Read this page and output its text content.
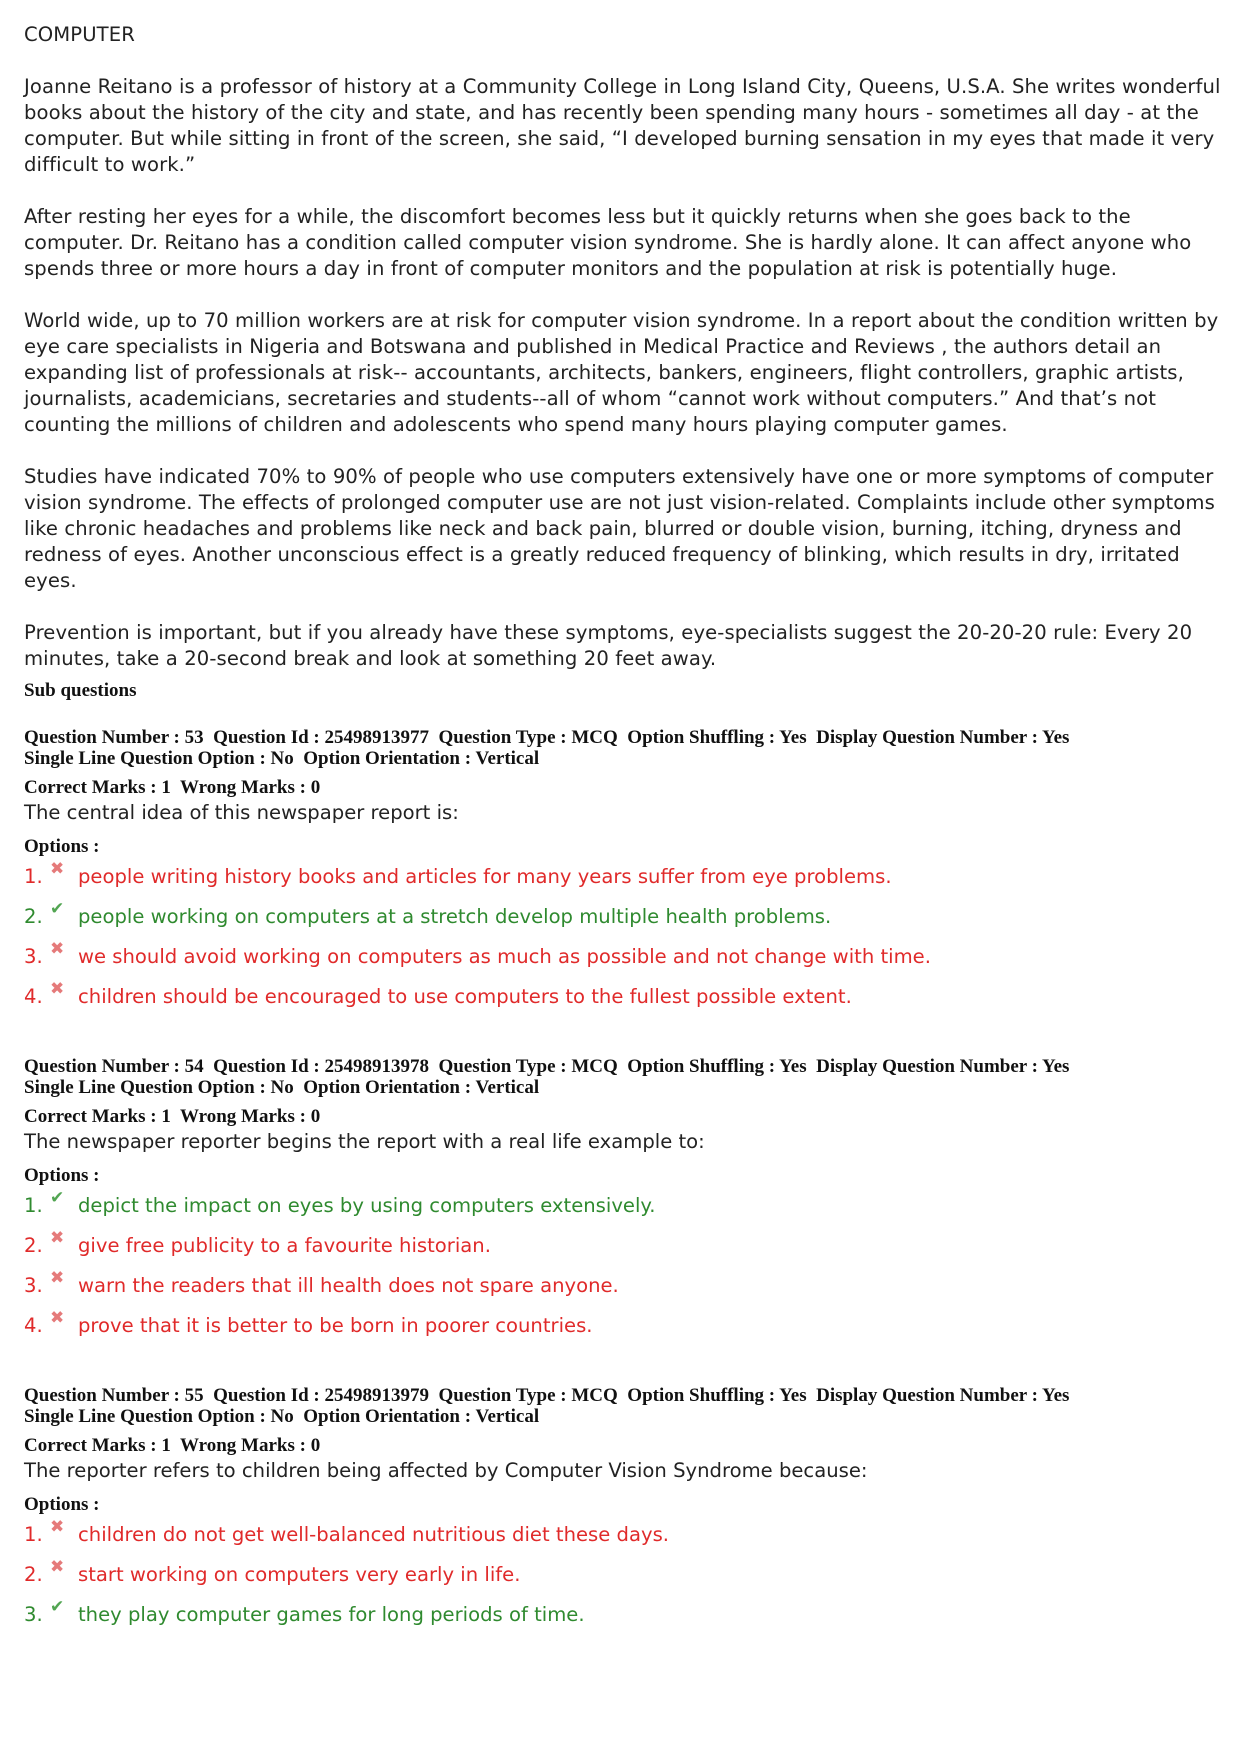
COMPUTER

Joanne Reitano is a professor of history at a Community College in Long Island City, Queens, U.S.A. She writes wonderful books about the history of the city and state, and has recently been spending many hours - sometimes all day - at the computer. But while sitting in front of the screen, she said, “I developed burning sensation in my eyes that made it very difficult to work.”

After resting her eyes for a while, the discomfort becomes less but it quickly returns when she goes back to the computer. Dr. Reitano has a condition called computer vision syndrome. She is hardly alone. It can affect anyone who spends three or more hours a day in front of computer monitors and the population at risk is potentially huge.

World wide, up to 70 million workers are at risk for computer vision syndrome. In a report about the condition written by eye care specialists in Nigeria and Botswana and published in Medical Practice and Reviews , the authors detail an expanding list of professionals at risk-- accountants, architects, bankers, engineers, flight controllers, graphic artists, journalists, academicians, secretaries and students--all of whom “cannot work without computers.” And that’s not counting the millions of children and adolescents who spend many hours playing computer games.

Studies have indicated 70% to 90% of people who use computers extensively have one or more symptoms of computer vision syndrome. The effects of prolonged computer use are not just vision-related. Complaints include other symptoms like chronic headaches and problems like neck and back pain, blurred or double vision, burning, itching, dryness and redness of eyes. Another unconscious effect is a greatly reduced frequency of blinking, which results in dry, irritated eyes.

Prevention is important, but if you already have these symptoms, eye-specialists suggest the 20-20-20 rule: Every 20 minutes, take a 20-second break and look at something 20 feet away.

Sub questions
Question Number : 53  Question Id : 25498913977  Question Type : MCQ  Option Shuffling : Yes  Display Question Number : Yes
Single Line Question Option : No  Option Orientation : Vertical
Correct Marks : 1  Wrong Marks : 0
The central idea of this newspaper report is:
Options :
1. ✖ people writing history books and articles for many years suffer from eye problems.
2. ✔ people working on computers at a stretch develop multiple health problems.
3. ✖ we should avoid working on computers as much as possible and not change with time.
4. ✖ children should be encouraged to use computers to the fullest possible extent.
Question Number : 54  Question Id : 25498913978  Question Type : MCQ  Option Shuffling : Yes  Display Question Number : Yes
Single Line Question Option : No  Option Orientation : Vertical
Correct Marks : 1  Wrong Marks : 0
The newspaper reporter begins the report with a real life example to:
Options :
1. ✔ depict the impact on eyes by using computers extensively.
2. ✖ give free publicity to a favourite historian.
3. ✖ warn the readers that ill health does not spare anyone.
4. ✖ prove that it is better to be born in poorer countries.
Question Number : 55  Question Id : 25498913979  Question Type : MCQ  Option Shuffling : Yes  Display Question Number : Yes
Single Line Question Option : No  Option Orientation : Vertical
Correct Marks : 1  Wrong Marks : 0
The reporter refers to children being affected by Computer Vision Syndrome because:
Options :
1. ✖ children do not get well-balanced nutritious diet these days.
2. ✖ start working on computers very early in life.
3. ✔ they play computer games for long periods of time.
